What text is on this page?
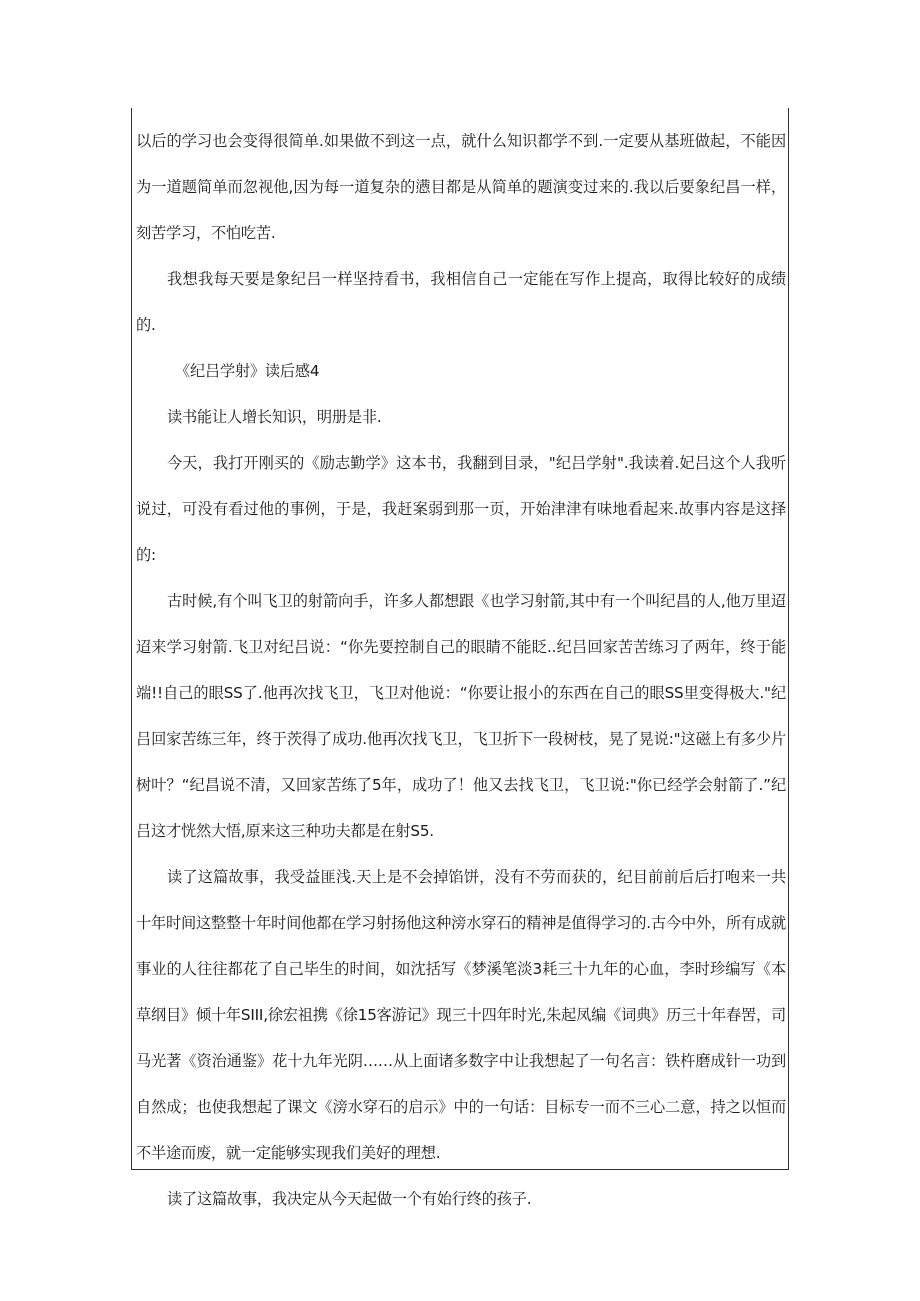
以后的学习也会变得很简单.如果做不到这一点，就什么知识都学不到.一定要从基班做起，不能因为一道题简单而忽视他,因为每一道复杂的懑目都是从简单的题演变过来的.我以后要象纪昌一样，刻苦学习，不怕吃苦.

我想我每天要是象纪吕一样坚持看书，我相信自己一定能在写作上提高，取得比较好的成绩的.

《纪吕学射》读后感4

读书能让人增长知识，明册是非.

今天，我打开刚买的《励志勤学》这本书，我翻到目录，"纪吕学射".我读着.妃吕这个人我听说过，可没有看过他的事例，于是，我赶案弱到那一页，开始津津有味地看起来.故事内容是这择的:

古时候,有个叫飞卫的射箭向手，许多人都想跟《也学习射箭,其中有一个叫纪昌的人,他万里迢迢来学习射箭.飞卫对纪吕说：“你先要控制自己的眼睛不能眨..纪吕回家苦苦练习了两年，终于能端!!自己的眼SS了.他再次找飞卫，飞卫对他说：“你要让报小的东西在自己的眼SS里变得极大."纪吕回家苦练三年，终于茨得了成功.他再次找飞卫，飞卫折下一段树枝，晃了晃说:"这磁上有多少片树叶？“纪昌说不清，又回家苦练了5年，成功了！他又去找飞卫，飞卫说:"你已经学会射箭了.”纪吕这才恍然大悟,原来这三种功夫都是在射S5.

读了这篇故事，我受益匪浅.天上是不会掉馅饼，没有不劳而获的，纪目前前后后打咆来一共十年时间这整整十年时间他都在学习射扬他这种滂水穿石的精神是值得学习的.古今中外，所有成就事业的人往往都花了自己毕生的时间，如沈括写《梦溪笔淡3耗三十九年的心血，李时珍编写《本草纲目》倾十年SIII,徐宏祖携《徐15客游记》现三十四年时光,朱起凤编《词典》历三十年春罟，司马光著《资治通鉴》花十九年光阴……从上面诸多数字中让我想起了一句名言：铁杵磨成针一功到自然成；也使我想起了课文《滂水穿石的启示》中的一句话：目标专一而不三心二意，持之以恒而不半途而废，就一定能够实现我们美好的理想.

读了这篇故事，我决定从今天起做一个有始行终的孩子.
